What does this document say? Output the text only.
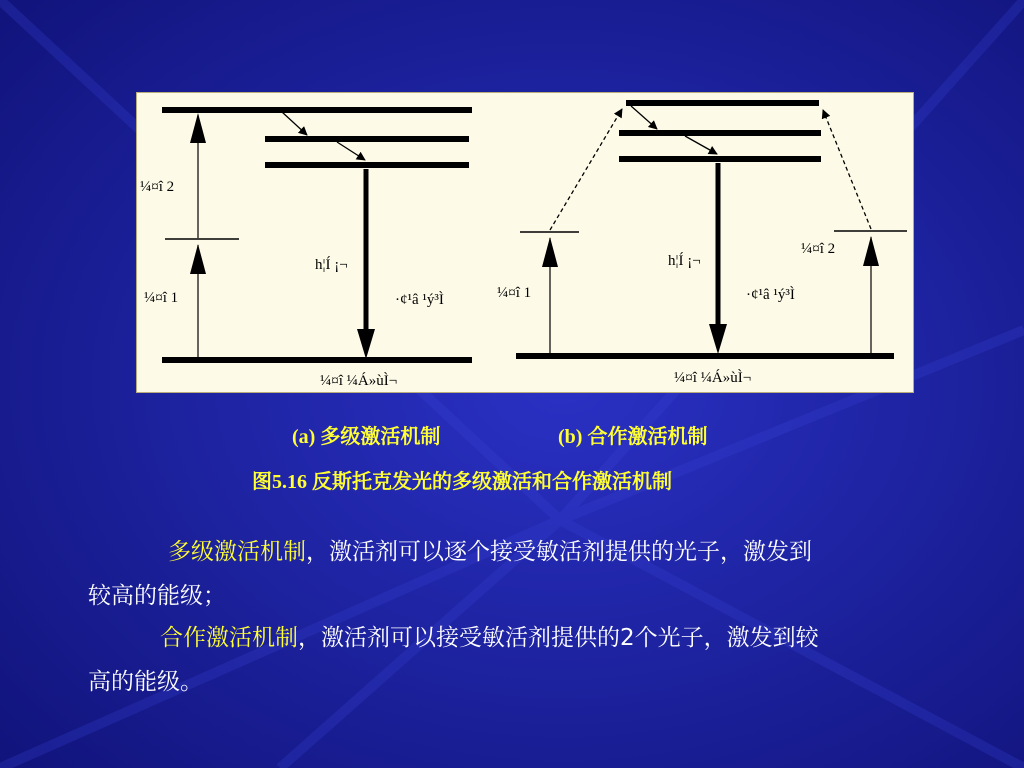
¼¤î 2
¼¤î 1
h¦Í ¡¬
·¢¹â ¹ý³Ì
¼¤î ¼Á»ùÌ¬
¼¤î 2
¼¤î 1
h¦Í ¡¬
·¢¹â ¹ý³Ì
¼¤î ¼Á»ùÌ¬
(a) 多级激活机制	(b) 合作激活机制
图5.16 反斯托克发光的多级激活和合作激活机制
多级激活机制，激活剂可以逐个接受敏活剂提供的光子，激发到
较高的能级；
合作激活机制，激活剂可以接受敏活剂提供的2个光子，激发到较
高的能级。
